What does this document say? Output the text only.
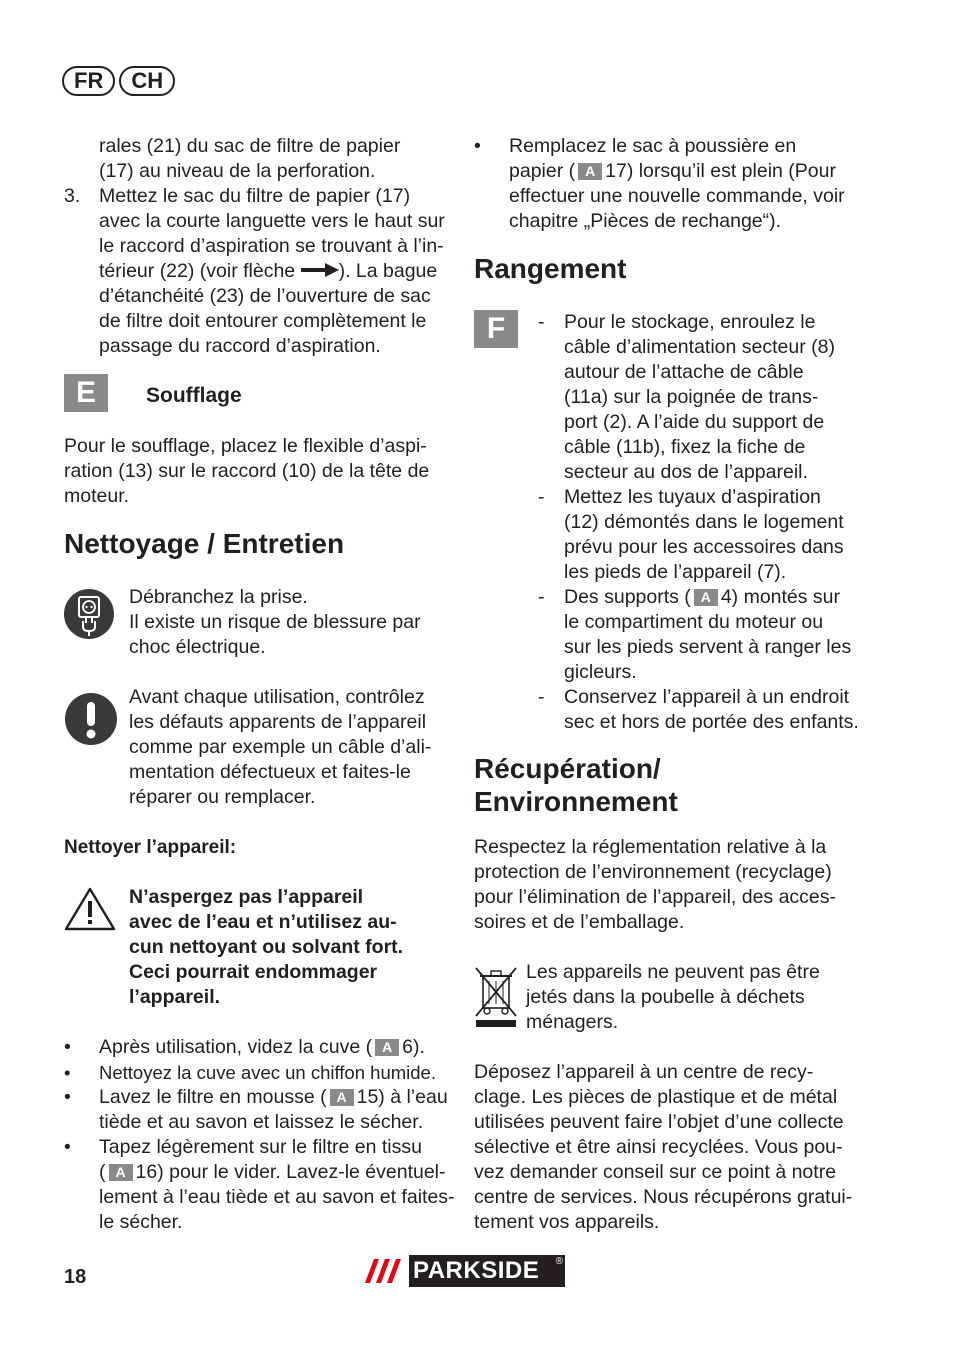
FR	CH
rales (21) du sac de filtre de papier
(17) au niveau de la perforation.
3. Mettez le sac du filtre de papier (17)
avec la courte languette vers le haut sur
le raccord d’aspiration se trouvant à l’in-
térieur (22) (voir flèche ). La bague
d’étanchéité (23) de l’ouverture de sac
de filtre doit entourer complètement le
passage du raccord d’aspiration.
E	Soufflage
Pour le soufflage, placez le flexible d’aspi-
ration (13) sur le raccord (10) de la tête de
moteur.
Nettoyage / Entretien
Débranchez la prise.
Il existe un risque de blessure par
choc électrique.
Avant chaque utilisation, contrôlez
les défauts apparents de l’appareil
comme par exemple un câble d’ali-
mentation défectueux et faites-le
réparer ou remplacer.
Nettoyer l’appareil:
N’aspergez pas l’appareil
avec de l’eau et n’utilisez au-
cun nettoyant ou solvant fort.
Ceci pourrait endommager
l’appareil.
• Après utilisation, videz la cuve ( A 6).
• Nettoyez la cuve avec un chiffon humide.
• Lavez le filtre en mousse ( A 15) à l’eau
tiède et au savon et laissez le sécher.
• Tapez légèrement sur le filtre en tissu
( A 16) pour le vider. Lavez-le éventuel-
lement à l’eau tiède et au savon et faites-
le sécher.
• Remplacez le sac à poussière en
papier ( A 17) lorsqu’il est plein (Pour
effectuer une nouvelle commande, voir
chapitre „Pièces de rechange“).
Rangement
F	- Pour le stockage, enroulez le
câble d’alimentation secteur (8)
autour de l’attache de câble
(11a) sur la poignée de trans-
port (2). A l’aide du support de
câble (11b), fixez la fiche de
secteur au dos de l’appareil.
- Mettez les tuyaux d’aspiration
(12) démontés dans le logement
prévu pour les accessoires dans
les pieds de l’appareil (7).
- Des supports ( A 4) montés sur
le compartiment du moteur ou
sur les pieds servent à ranger les
gicleurs.
- Conservez l’appareil à un endroit
sec et hors de portée des enfants.
Récupération/
Environnement
Respectez la réglementation relative à la
protection de l’environnement (recyclage)
pour l’élimination de l’appareil, des acces-
soires et de l’emballage.
Les appareils ne peuvent pas être
jetés dans la poubelle à déchets
ménagers.
Déposez l’appareil à un centre de recy-
clage. Les pièces de plastique et de métal
utilisées peuvent faire l’objet d’une collecte
sélective et être ainsi recyclées. Vous pou-
vez demander conseil sur ce point à notre
centre de services. Nous récupérons gratui-
tement vos appareils.
18	PARKSIDE ®
